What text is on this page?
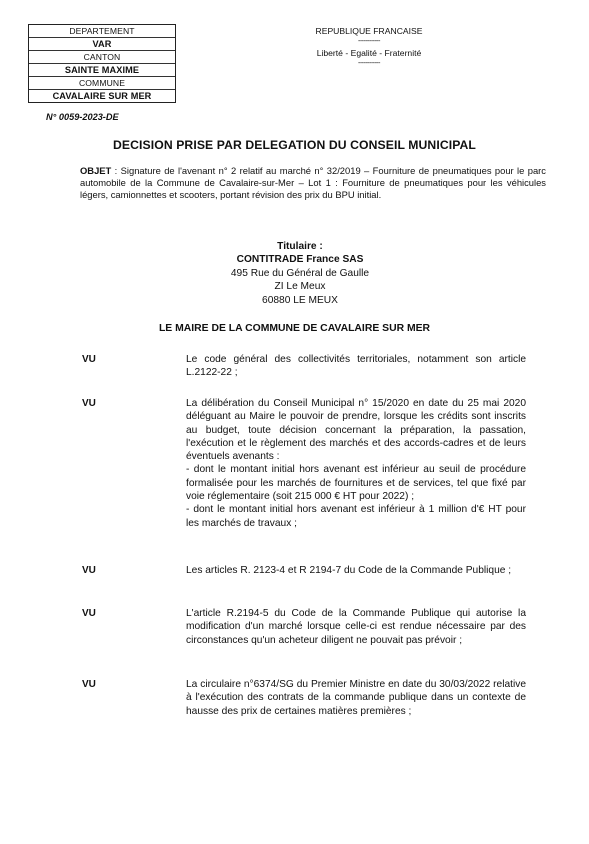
DEPARTEMENT
VAR
CANTON
SAINTE MAXIME
COMMUNE
CAVALAIRE SUR MER
REPUBLIQUE FRANCAISE
------------
Liberté - Egalité - Fraternité
------------
N° 0059-2023-DE
DECISION PRISE PAR DELEGATION DU CONSEIL MUNICIPAL
OBJET : Signature de l'avenant n° 2 relatif au marché n° 32/2019 – Fourniture de pneumatiques pour le parc automobile de la Commune de Cavalaire-sur-Mer – Lot 1 : Fourniture de pneumatiques pour les véhicules légers, camionnettes et scooters, portant révision des prix du BPU initial.
Titulaire :
CONTITRADE France SAS
495 Rue du Général de Gaulle
ZI Le Meux
60880 LE MEUX
LE MAIRE DE LA COMMUNE DE CAVALAIRE SUR MER
VU	Le code général des collectivités territoriales, notamment son article L.2122-22 ;
VU	La délibération du Conseil Municipal n° 15/2020 en date du 25 mai 2020 déléguant au Maire le pouvoir de prendre, lorsque les crédits sont inscrits au budget, toute décision concernant la préparation, la passation, l'exécution et le règlement des marchés et des accords-cadres et de leurs éventuels avenants :
- dont le montant initial hors avenant est inférieur au seuil de procédure formalisée pour les marchés de fournitures et de services, tel que fixé par voie réglementaire (soit 215 000 € HT pour 2022) ;
- dont le montant initial hors avenant est inférieur à 1 million d'€ HT pour les marchés de travaux ;
VU	Les articles R. 2123-4 et R 2194-7 du Code de la Commande Publique ;
VU	L'article R.2194-5 du Code de la Commande Publique qui autorise la modification d'un marché lorsque celle-ci est rendue nécessaire par des circonstances qu'un acheteur diligent ne pouvait pas prévoir ;
VU	La circulaire n°6374/SG du Premier Ministre en date du 30/03/2022 relative à l'exécution des contrats de la commande publique dans un contexte de hausse des prix de certaines matières premières ;
